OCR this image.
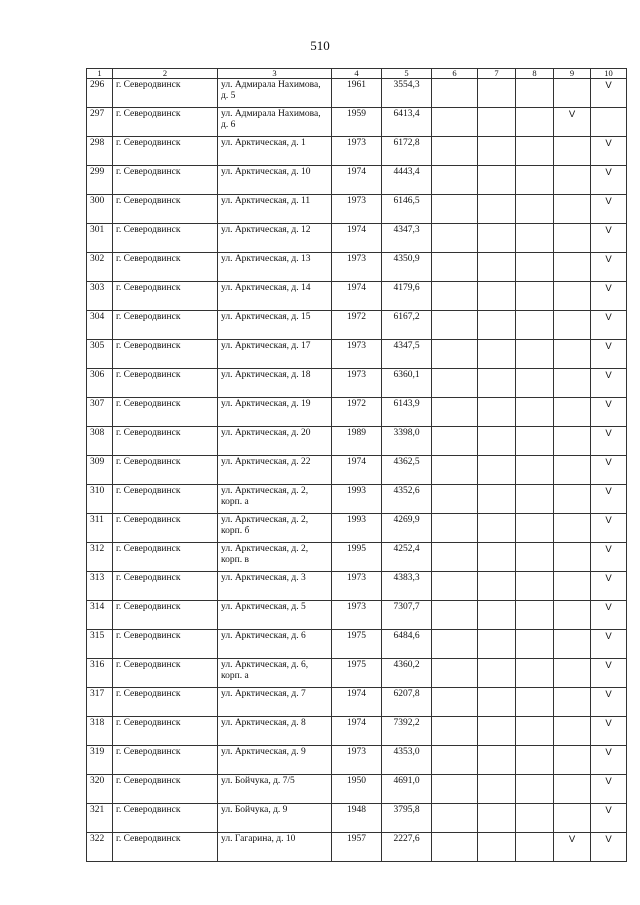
510
1	2	3	4	5	6	7	8	9	10
296	г. Северодвинск	ул. Адмирала Нахимова, д. 5	1961	3554,3					V
297	г. Северодвинск	ул. Адмирала Нахимова, д. 6	1959	6413,4				V	
298	г. Северодвинск	ул. Арктическая, д. 1	1973	6172,8					V
299	г. Северодвинск	ул. Арктическая, д. 10	1974	4443,4					V
300	г. Северодвинск	ул. Арктическая, д. 11	1973	6146,5					V
301	г. Северодвинск	ул. Арктическая, д. 12	1974	4347,3					V
302	г. Северодвинск	ул. Арктическая, д. 13	1973	4350,9					V
303	г. Северодвинск	ул. Арктическая, д. 14	1974	4179,6					V
304	г. Северодвинск	ул. Арктическая, д. 15	1972	6167,2					V
305	г. Северодвинск	ул. Арктическая, д. 17	1973	4347,5					V
306	г. Северодвинск	ул. Арктическая, д. 18	1973	6360,1					V
307	г. Северодвинск	ул. Арктическая, д. 19	1972	6143,9					V
308	г. Северодвинск	ул. Арктическая, д. 20	1989	3398,0					V
309	г. Северодвинск	ул. Арктическая, д. 22	1974	4362,5					V
310	г. Северодвинск	ул. Арктическая, д. 2, корп. а	1993	4352,6					V
311	г. Северодвинск	ул. Арктическая, д. 2, корп. б	1993	4269,9					V
312	г. Северодвинск	ул. Арктическая, д. 2, корп. в	1995	4252,4					V
313	г. Северодвинск	ул. Арктическая, д. 3	1973	4383,3					V
314	г. Северодвинск	ул. Арктическая, д. 5	1973	7307,7					V
315	г. Северодвинск	ул. Арктическая, д. 6	1975	6484,6					V
316	г. Северодвинск	ул. Арктическая, д. 6, корп. а	1975	4360,2					V
317	г. Северодвинск	ул. Арктическая, д. 7	1974	6207,8					V
318	г. Северодвинск	ул. Арктическая, д. 8	1974	7392,2					V
319	г. Северодвинск	ул. Арктическая, д. 9	1973	4353,0					V
320	г. Северодвинск	ул. Бойчука, д. 7/5	1950	4691,0					V
321	г. Северодвинск	ул. Бойчука, д. 9	1948	3795,8					V
322	г. Северодвинск	ул. Гагарина, д. 10	1957	2227,6				V	V
